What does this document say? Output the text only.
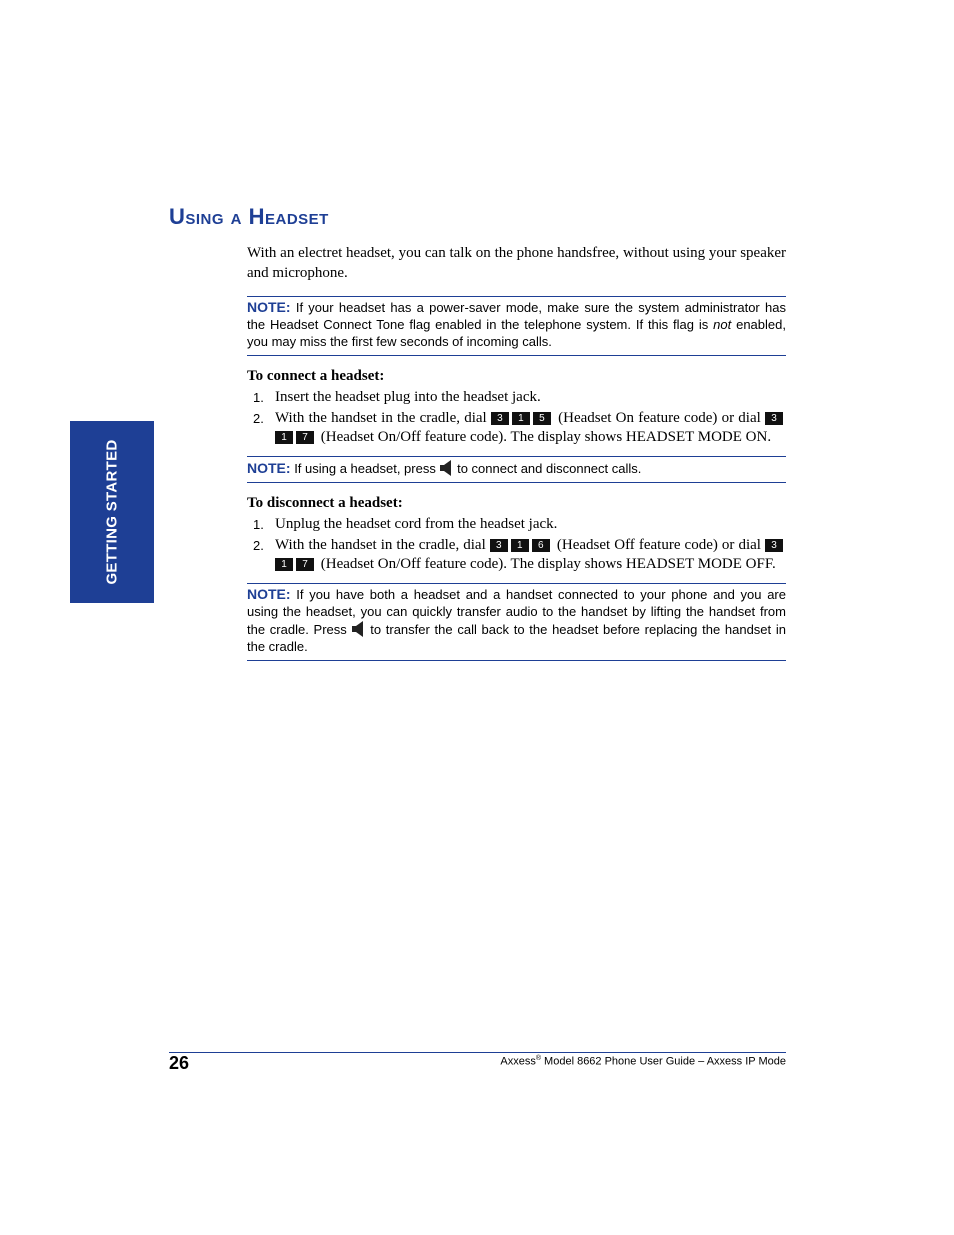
GETTING STARTED
Using a Headset

With an electret headset, you can talk on the phone handsfree, without using your speaker and microphone.

NOTE: If your headset has a power-saver mode, make sure the system administrator has the Headset Connect Tone flag enabled in the telephone system. If this flag is not enabled, you may miss the first few seconds of incoming calls.

To connect a headset:

1. Insert the headset plug into the headset jack.
2. With the handset in the cradle, dial 3 1 5 (Headset On feature code) or dial 31 7 (Headset On/Off feature code). The display shows HEADSET MODE ON.
NOTE: If using a headset, press to connect and disconnect calls.

To disconnect a headset:

1. Unplug the headset cord from the headset jack.
2. With the handset in the cradle, dial 3 1 6 (Headset Off feature code) or dial 31 7 (Headset On/Off feature code). The display shows HEADSET MODE OFF.
NOTE: If you have both a headset and a handset connected to your phone and you are using the headset, you can quickly transfer audio to the handset by lifting the handset from the cradle. Press to transfer the call back to the headset before replacing the handset in the cradle.
26	Axxess® Model 8662 Phone User Guide – Axxess IP Mode
